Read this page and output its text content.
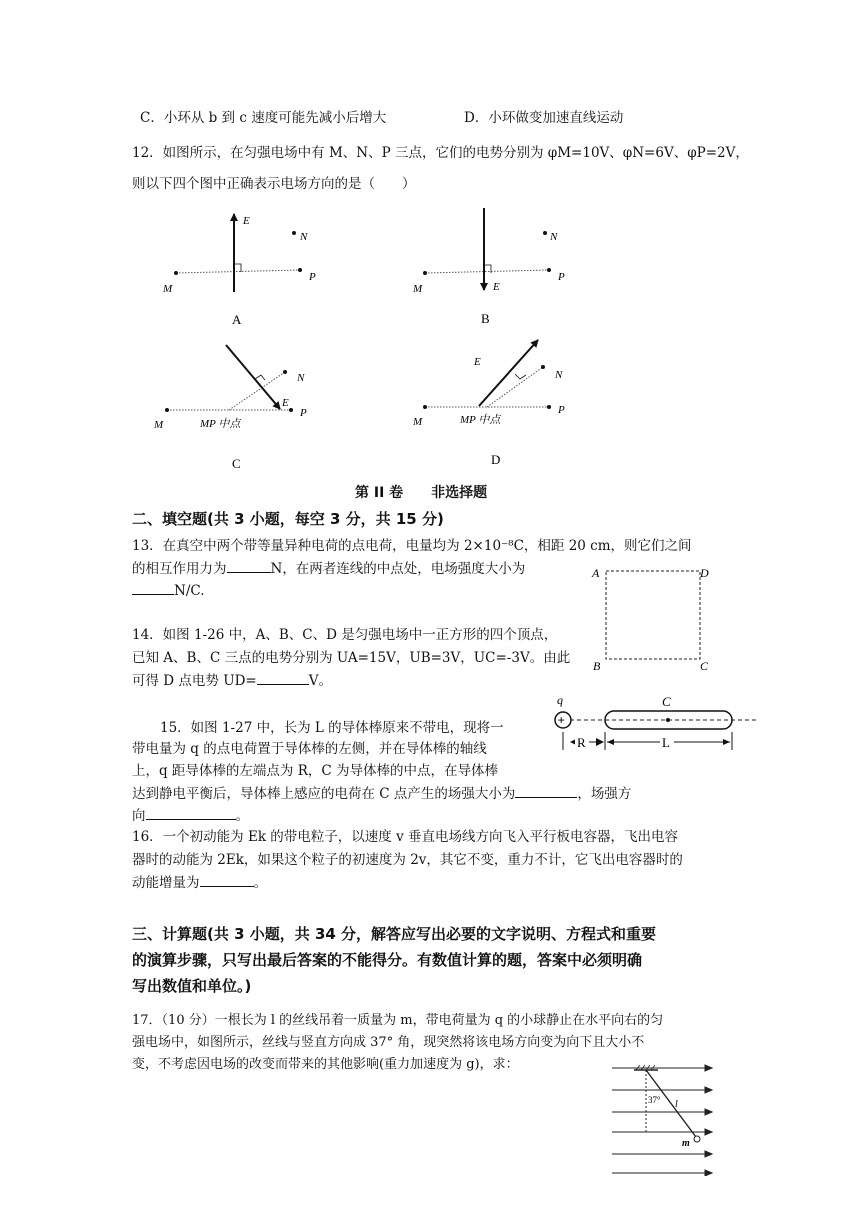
C．小环从 b 到 c 速度可能先减小后增大	D．小环做变加速直线运动
12．如图所示，在匀强电场中有 M、N、P 三点，它们的电势分别为 φM=10V、φN=6V、φP=2V，
则以下四个图中正确表示电场方向的是（　　）
E
N
P
M	E
N
P
M
E
N
P
M	MP 中点
E
N
P
M	MP 中点
A	B
C	D
第 II 卷　　非选择题
二、填空题(共 3 小题，每空 3 分，共 15 分)
13．在真空中两个带等量异种电荷的点电荷，电量均为 2×10⁻⁸C，相距 20 cm，则它们之间
的相互作用力为	N，在两者连线的中点处，电场强度大小为
N/C.
A	D
B	C
14．如图 1-26 中，A、B、C、D 是匀强电场中一正方形的四个顶点，
已知 A、B、C 三点的电势分别为 UA=15V，UB=3V，UC=-3V。由此
可得 D 点电势 UD=	V。
+
q	C
R	L
15．如图 1-27 中，长为 L 的导体棒原来不带电，现将一
带电量为 q 的点电荷置于导体棒的左侧，并在导体棒的轴线
上，q 距导体棒的左端点为 R，C 为导体棒的中点，在导体棒
达到静电平衡后，导体棒上感应的电荷在 C 点产生的场强大小为	，场强方
向	。
16．一个初动能为 Ek 的带电粒子，以速度 v 垂直电场线方向飞入平行板电容器，飞出电容
器时的动能为 2Ek，如果这个粒子的初速度为 2v，其它不变，重力不计，它飞出电容器时的
动能增量为	。
三、计算题(共 3 小题，共 34 分，解答应写出必要的文字说明、方程式和重要
的演算步骤，只写出最后答案的不能得分。有数值计算的题，答案中必须明确
写出数值和单位。)
17．（10 分）一根长为 l 的丝线吊着一质量为 m，带电荷量为 q 的小球静止在水平向右的匀
强电场中，如图所示，丝线与竖直方向成 37° 角，现突然将该电场方向变为向下且大小不
变，不考虑因电场的改变而带来的其他影响(重力加速度为 g)，求：
37° l
m
